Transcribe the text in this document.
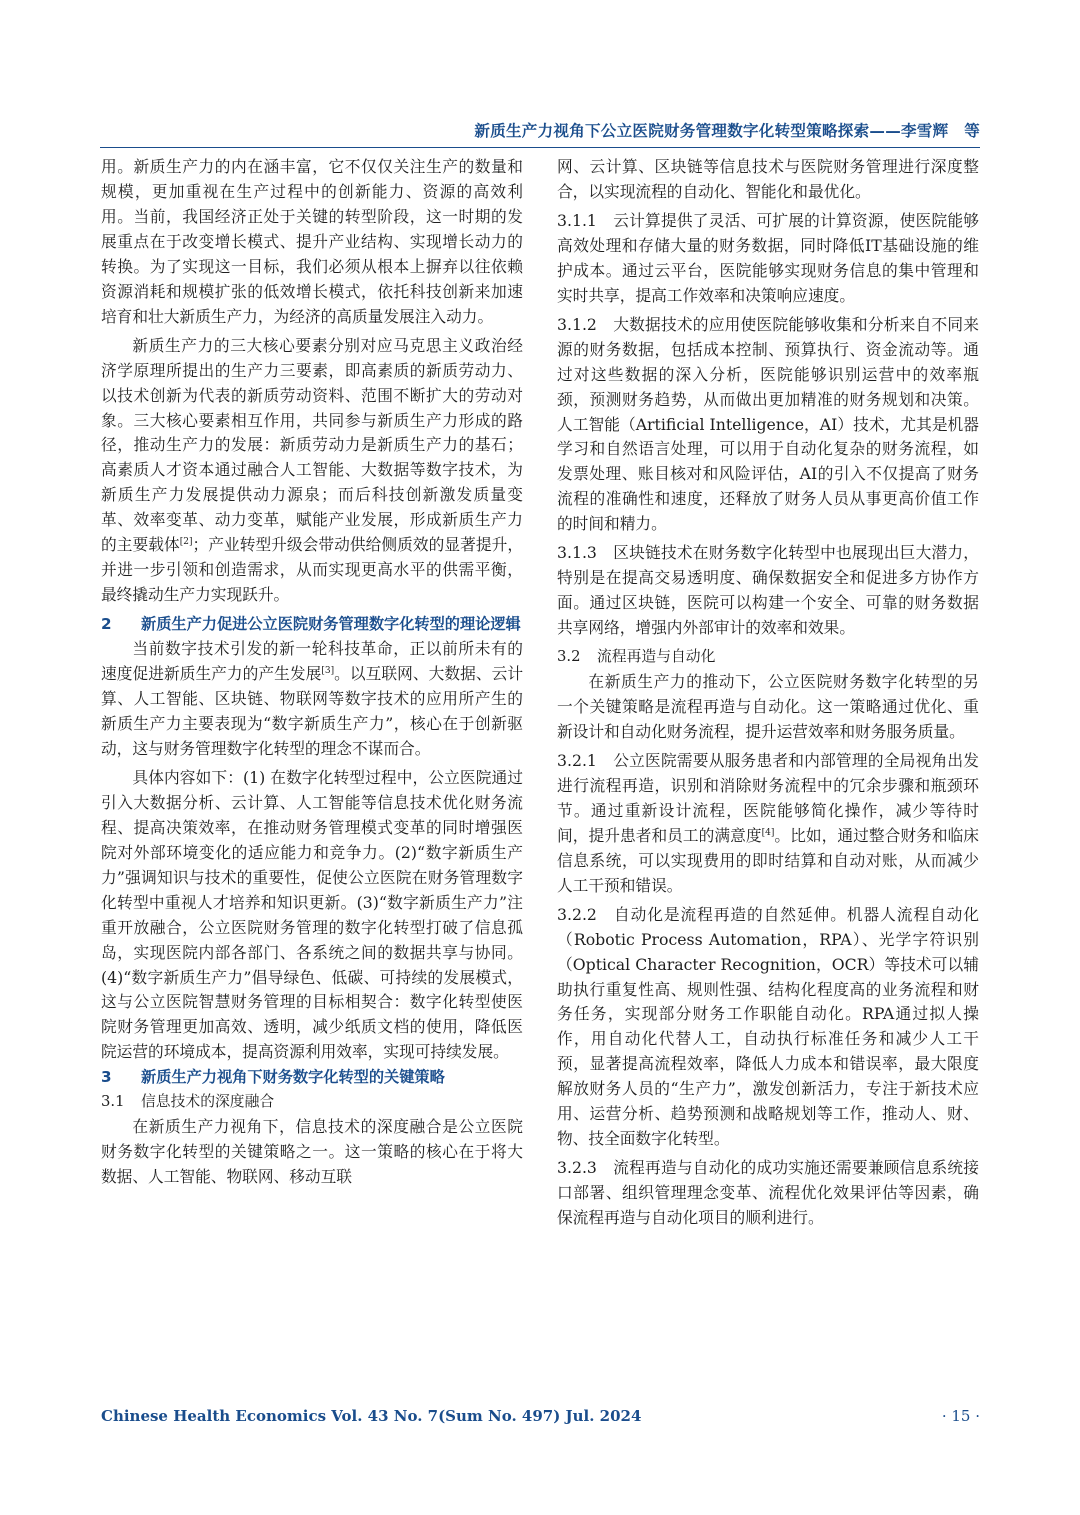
新质生产力视角下公立医院财务管理数字化转型策略探索——李雪辉　等

用。新质生产力的内在涵丰富，它不仅仅关注生产的数量和规模，更加重视在生产过程中的创新能力、资源的高效利用。当前，我国经济正处于关键的转型阶段，这一时期的发展重点在于改变增长模式、提升产业结构、实现增长动力的转换。为了实现这一目标，我们必须从根本上摒弃以往依赖资源消耗和规模扩张的低效增长模式，依托科技创新来加速培育和壮大新质生产力，为经济的高质量发展注入动力。

新质生产力的三大核心要素分别对应马克思主义政治经济学原理所提出的生产力三要素，即高素质的新质劳动力、以技术创新为代表的新质劳动资料、范围不断扩大的劳动对象。三大核心要素相互作用，共同参与新质生产力形成的路径，推动生产力的发展：新质劳动力是新质生产力的基石；高素质人才资本通过融合人工智能、大数据等数字技术，为新质生产力发展提供动力源泉；而后科技创新激发质量变革、效率变革、动力变革，赋能产业发展，形成新质生产力的主要载体[2]；产业转型升级会带动供给侧质效的显著提升，并进一步引领和创造需求，从而实现更高水平的供需平衡，最终撬动生产力实现跃升。

2 新质生产力促进公立医院财务管理数字化转型的理论逻辑

当前数字技术引发的新一轮科技革命，正以前所未有的速度促进新质生产力的产生发展[3]。以互联网、大数据、云计算、人工智能、区块链、物联网等数字技术的应用所产生的新质生产力主要表现为“数字新质生产力”，核心在于创新驱动，这与财务管理数字化转型的理念不谋而合。

具体内容如下：(1) 在数字化转型过程中，公立医院通过引入大数据分析、云计算、人工智能等信息技术优化财务流程、提高决策效率，在推动财务管理模式变革的同时增强医院对外部环境变化的适应能力和竞争力。(2)“数字新质生产力”强调知识与技术的重要性，促使公立医院在财务管理数字化转型中重视人才培养和知识更新。(3)“数字新质生产力”注重开放融合，公立医院财务管理的数字化转型打破了信息孤岛，实现医院内部各部门、各系统之间的数据共享与协同。(4)“数字新质生产力”倡导绿色、低碳、可持续的发展模式，这与公立医院智慧财务管理的目标相契合：数字化转型使医院财务管理更加高效、透明，减少纸质文档的使用，降低医院运营的环境成本，提高资源利用效率，实现可持续发展。

3 新质生产力视角下财务数字化转型的关键策略

3.1 信息技术的深度融合

在新质生产力视角下，信息技术的深度融合是公立医院财务数字化转型的关键策略之一。这一策略的核心在于将大数据、人工智能、物联网、移动互联

网、云计算、区块链等信息技术与医院财务管理进行深度整合，以实现流程的自动化、智能化和最优化。

3.1.1 云计算提供了灵活、可扩展的计算资源，使医院能够高效处理和存储大量的财务数据，同时降低IT基础设施的维护成本。通过云平台，医院能够实现财务信息的集中管理和实时共享，提高工作效率和决策响应速度。

3.1.2 大数据技术的应用使医院能够收集和分析来自不同来源的财务数据，包括成本控制、预算执行、资金流动等。通过对这些数据的深入分析，医院能够识别运营中的效率瓶颈，预测财务趋势，从而做出更加精准的财务规划和决策。人工智能（Artificial Intelligence，AI）技术，尤其是机器学习和自然语言处理，可以用于自动化复杂的财务流程，如发票处理、账目核对和风险评估，AI的引入不仅提高了财务流程的准确性和速度，还释放了财务人员从事更高价值工作的时间和精力。

3.1.3 区块链技术在财务数字化转型中也展现出巨大潜力，特别是在提高交易透明度、确保数据安全和促进多方协作方面。通过区块链，医院可以构建一个安全、可靠的财务数据共享网络，增强内外部审计的效率和效果。

3.2 流程再造与自动化

在新质生产力的推动下，公立医院财务数字化转型的另一个关键策略是流程再造与自动化。这一策略通过优化、重新设计和自动化财务流程，提升运营效率和财务服务质量。

3.2.1 公立医院需要从服务患者和内部管理的全局视角出发进行流程再造，识别和消除财务流程中的冗余步骤和瓶颈环节。通过重新设计流程，医院能够简化操作，减少等待时间，提升患者和员工的满意度[4]。比如，通过整合财务和临床信息系统，可以实现费用的即时结算和自动对账，从而减少人工干预和错误。

3.2.2 自动化是流程再造的自然延伸。机器人流程自动化（Robotic Process Automation，RPA）、光学字符识别（Optical Character Recognition，OCR）等技术可以辅助执行重复性高、规则性强、结构化程度高的业务流程和财务任务，实现部分财务工作职能自动化。RPA通过拟人操作，用自动化代替人工，自动执行标准任务和减少人工干预，显著提高流程效率，降低人力成本和错误率，最大限度解放财务人员的“生产力”，激发创新活力，专注于新技术应用、运营分析、趋势预测和战略规划等工作，推动人、财、物、技全面数字化转型。

3.2.3 流程再造与自动化的成功实施还需要兼顾信息系统接口部署、组织管理理念变革、流程优化效果评估等因素，确保流程再造与自动化项目的顺利进行。

Chinese Health Economics Vol. 43 No. 7(Sum No. 497) Jul. 2024	· 15 ·
